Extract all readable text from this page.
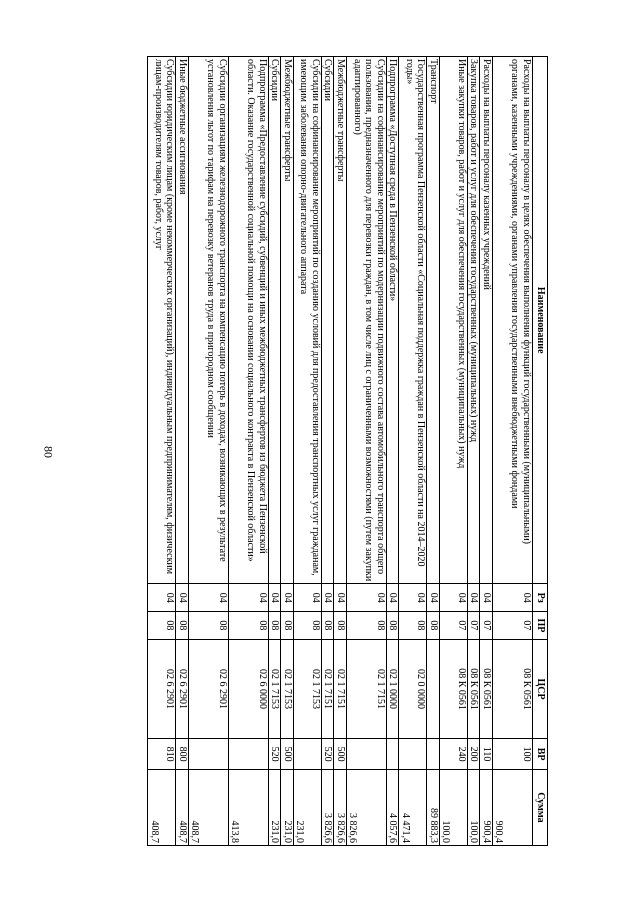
80
Наименование	Рз	ПР	ЦСР	ВР	Сумма
Расходы на выплаты персоналу в целях обеспечения выполнения функций государственными (муниципальными) органами, казенными учреждениями, органами управления государственными внебюджетными фондами	04	07	08 К 0561	100	900,4
Расходы на выплаты персоналу казенных учреждений	04	07	08 К 0561	110	900,4
Закупка товаров, работ и услуг для обеспечения государственных (муниципальных) нужд	04	07	08 К 0561	200	100,0
Иные закупки товаров, работ и услуг для обеспечения государственных (муниципальных) нужд	04	07	08 К 0561	240	100,0
Транспорт	04	08			89 883,3
Государственная программа Пензенской области «Социальная поддержка граждан в Пензенской области на 2014–2020 годы»	04	08	02 0 0000		4 471,4
Подпрограмма «Доступная среда в Пензенской области»	04	08	02 1 0000		4 057,6
Субсидии на софинансирование мероприятий по модернизации подвижного состава автомобильного транспорта общего пользования, предназначенного для перевозки граждан, в том числе лиц с ограниченными возможностями (путем закупки адаптированного)	04	08	02 1 7151		3 826,6
Межбюджетные трансферты	04	08	02 1 7151	500	3 826,6
Субсидии	04	08	02 1 7151	520	3 826,6
Субсидии на софинансирование мероприятий по созданию условий для предоставления транспортных услуг гражданам, имеющим заболевания опорно-двигательного аппарата	04	08	02 1 7153		231,0
Межбюджетные трансферты	04	08	02 1 7153	500	231,0
Субсидии	04	08	02 1 7153	520	231,0
Подпрограмма «Предоставление субсидий, субвенций и иных межбюджетных трансфертов из бюджета Пензенской области. Оказание государственной социальной помощи на основании социального контракта в Пензенской области»	04	08	02 6 0000		413,8
Субсидии организациям железнодорожного транспорта на компенсацию потерь в доходах, возникающих в результате установления льгот по тарифам на перевозку ветеранов труда в пригородном сообщении	04	08	02 6 2901		408,7
Иные бюджетные ассигнования	04	08	02 6 2901	800	408,7
Субсидии юридическим лицам (кроме некоммерческих организаций), индивидуальным предпринимателям, физическим лицам-производителям товаров, работ, услуг	04	08	02 6 2901	810	408,7
